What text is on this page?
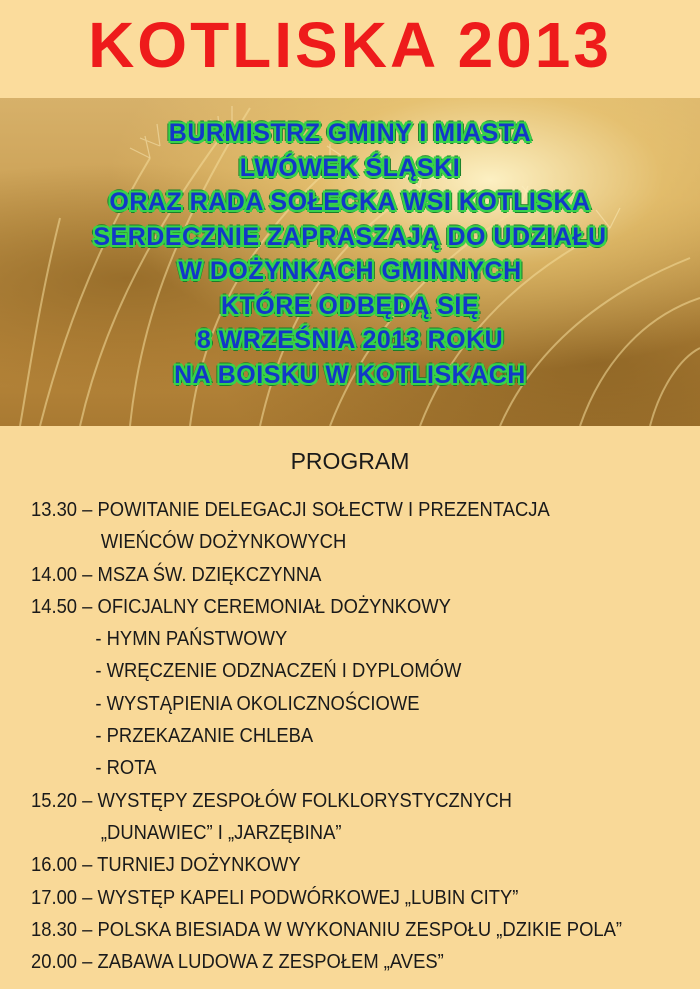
KOTLISKA 2013
BURMISTRZ GMINY I MIASTA
LWÓWEK ŚLĄSKI
ORAZ RADA SOŁECKA WSI KOTLISKA
SERDECZNIE ZAPRASZAJĄ DO UDZIAŁU
W DOŻYNKACH GMINNYCH
KTÓRE ODBĘDĄ SIĘ
8 WRZEŚNIA 2013 ROKU
NA BOISKU W KOTLISKACH
PROGRAM
13.30 – POWITANIE DELEGACJI SOŁECTW I PREZENTACJA
WIEŃCÓW DOŻYNKOWYCH
14.00 – MSZA ŚW. DZIĘKCZYNNA
14.50 – OFICJALNY CEREMONIAŁ DOŻYNKOWY
- HYMN PAŃSTWOWY
- WRĘCZENIE ODZNACZEŃ I DYPLOMÓW
- WYSTĄPIENIA OKOLICZNOŚCIOWE
- PRZEKAZANIE CHLEBA
- ROTA
15.20 – WYSTĘPY ZESPOŁÓW FOLKLORYSTYCZNYCH
„DUNAWIEC” I „JARZĘBINA”
16.00 – TURNIEJ DOŻYNKOWY
17.00 – WYSTĘP KAPELI PODWÓRKOWEJ „LUBIN CITY”
18.30 – POLSKA BIESIADA W WYKONANIU ZESPOŁU „DZIKIE POLA”
20.00 – ZABAWA LUDOWA Z ZESPOŁEM „AVES”
